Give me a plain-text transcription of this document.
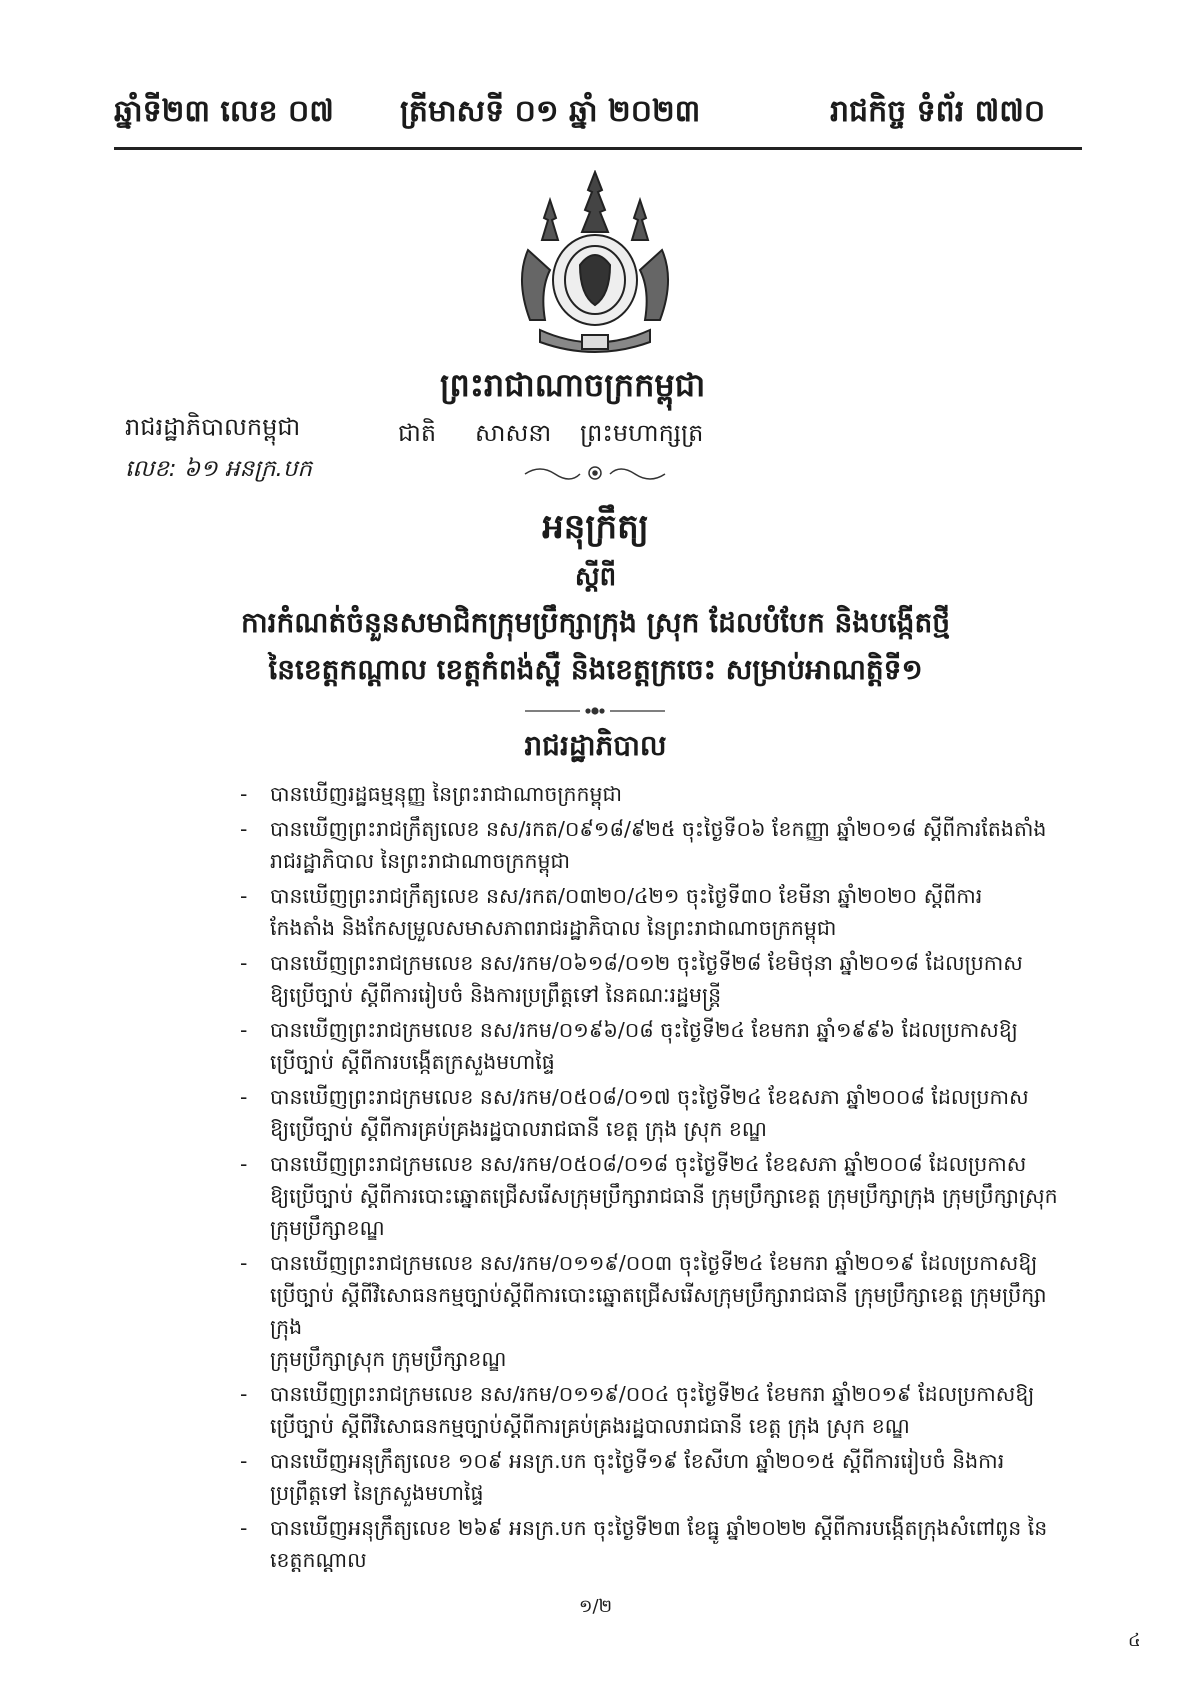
ឆ្នាំទី២៣ លេខ ០៧ ត្រីមាសទី ០១ ឆ្នាំ ២០២៣	រាជកិច្ច ទំព័រ ៧៧០
ព្រះរាជាណាចក្រកម្ពុជា
រាជរដ្ឋាភិបាលកម្ពុជា	ជាតិ សាសនា ព្រះមហាក្សត្រ
លេខ: ៦១ អនក្រ.បក
អនុក្រឹត្យ
ស្ដីពី
ការកំណត់ចំនួនសមាជិកក្រុមប្រឹក្សាក្រុង ស្រុក ដែលបំបែក និងបង្កើតថ្មី
នៃខេត្តកណ្ដាល ខេត្តកំពង់ស្ពឺ និងខេត្តក្រចេះ សម្រាប់អាណត្តិទី១
រាជរដ្ឋាភិបាល
- បានឃើញរដ្ឋធម្មនុញ្ញ នៃព្រះរាជាណាចក្រកម្ពុជា
- បានឃើញព្រះរាជក្រឹត្យលេខ នស/រកត/០៩១៨/៩២៥ ចុះថ្ងៃទី០៦ ខែកញ្ញា ឆ្នាំ២០១៨ ស្ដីពីការតែងតាំង
រាជរដ្ឋាភិបាល នៃព្រះរាជាណាចក្រកម្ពុជា
- បានឃើញព្រះរាជក្រឹត្យលេខ នស/រកត/០៣២០/៤២១ ចុះថ្ងៃទី៣០ ខែមីនា ឆ្នាំ២០២០ ស្ដីពីការ
កែងតាំង និងកែសម្រួលសមាសភាពរាជរដ្ឋាភិបាល នៃព្រះរាជាណាចក្រកម្ពុជា
- បានឃើញព្រះរាជក្រមលេខ នស/រកម/០៦១៨/០១២ ចុះថ្ងៃទី២៨ ខែមិថុនា ឆ្នាំ២០១៨ ដែលប្រកាស
ឱ្យប្រើច្បាប់ ស្ដីពីការរៀបចំ និងការប្រព្រឹត្តទៅ នៃគណៈរដ្ឋមន្ត្រី
- បានឃើញព្រះរាជក្រមលេខ នស/រកម/០១៩៦/០៨ ចុះថ្ងៃទី២៤ ខែមករា ឆ្នាំ១៩៩៦ ដែលប្រកាសឱ្យ
ប្រើច្បាប់ ស្ដីពីការបង្កើតក្រសួងមហាផ្ទៃ
- បានឃើញព្រះរាជក្រមលេខ នស/រកម/០៥០៨/០១៧ ចុះថ្ងៃទី២៤ ខែឧសភា ឆ្នាំ២០០៨ ដែលប្រកាស
ឱ្យប្រើច្បាប់ ស្ដីពីការគ្រប់គ្រងរដ្ឋបាលរាជធានី ខេត្ត ក្រុង ស្រុក ខណ្ឌ
- បានឃើញព្រះរាជក្រមលេខ នស/រកម/០៥០៨/០១៨ ចុះថ្ងៃទី២៤ ខែឧសភា ឆ្នាំ២០០៨ ដែលប្រកាស
ឱ្យប្រើច្បាប់ ស្ដីពីការបោះឆ្នោតជ្រើសរើសក្រុមប្រឹក្សារាជធានី ក្រុមប្រឹក្សាខេត្ត ក្រុមប្រឹក្សាក្រុង ក្រុមប្រឹក្សាស្រុក
ក្រុមប្រឹក្សាខណ្ឌ
- បានឃើញព្រះរាជក្រមលេខ នស/រកម/០១១៩/០០៣ ចុះថ្ងៃទី២៤ ខែមករា ឆ្នាំ២០១៩ ដែលប្រកាសឱ្យ
ប្រើច្បាប់ ស្ដីពីវិសោធនកម្មច្បាប់ស្ដីពីការបោះឆ្នោតជ្រើសរើសក្រុមប្រឹក្សារាជធានី ក្រុមប្រឹក្សាខេត្ត ក្រុមប្រឹក្សាក្រុង
ក្រុមប្រឹក្សាស្រុក ក្រុមប្រឹក្សាខណ្ឌ
- បានឃើញព្រះរាជក្រមលេខ នស/រកម/០១១៩/០០៤ ចុះថ្ងៃទី២៤ ខែមករា ឆ្នាំ២០១៩ ដែលប្រកាសឱ្យ
ប្រើច្បាប់ ស្ដីពីវិសោធនកម្មច្បាប់ស្ដីពីការគ្រប់គ្រងរដ្ឋបាលរាជធានី ខេត្ត ក្រុង ស្រុក ខណ្ឌ
- បានឃើញអនុក្រឹត្យលេខ ១០៩ អនក្រ.បក ចុះថ្ងៃទី១៩ ខែសីហា ឆ្នាំ២០១៥ ស្ដីពីការរៀបចំ និងការ
ប្រព្រឹត្តទៅ នៃក្រសួងមហាផ្ទៃ
- បានឃើញអនុក្រឹត្យលេខ ២៦៩ អនក្រ.បក ចុះថ្ងៃទី២៣ ខែធ្នូ ឆ្នាំ២០២២ ស្ដីពីការបង្កើតក្រុងសំពៅពូន នៃ
ខេត្តកណ្ដាល
១/២
៤
